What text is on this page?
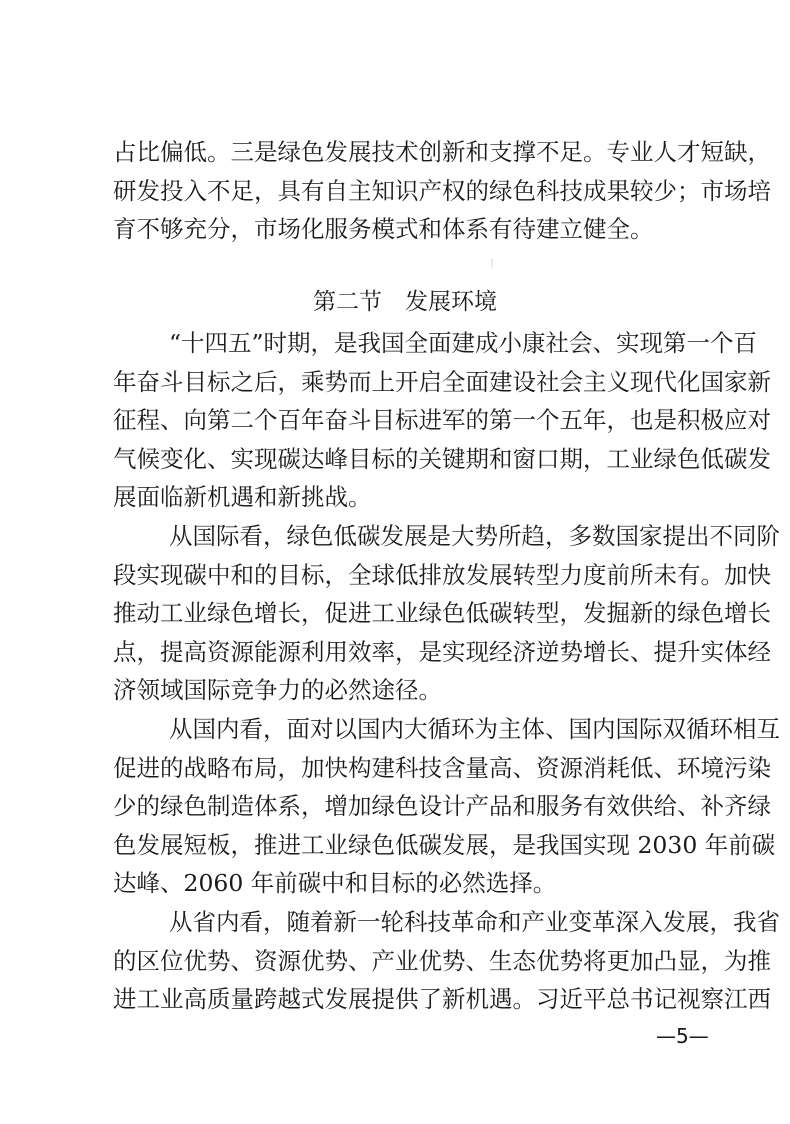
占比偏低。三是绿色发展技术创新和支撑不足。专业人才短缺，
研发投入不足，具有自主知识产权的绿色科技成果较少；市场培
育不够充分，市场化服务模式和体系有待建立健全。
第二节　发展环境
“十四五”时期，是我国全面建成小康社会、实现第一个百
年奋斗目标之后，乘势而上开启全面建设社会主义现代化国家新
征程、向第二个百年奋斗目标进军的第一个五年，也是积极应对
气候变化、实现碳达峰目标的关键期和窗口期，工业绿色低碳发
展面临新机遇和新挑战。
从国际看，绿色低碳发展是大势所趋，多数国家提出不同阶
段实现碳中和的目标，全球低排放发展转型力度前所未有。加快
推动工业绿色增长，促进工业绿色低碳转型，发掘新的绿色增长
点，提高资源能源利用效率，是实现经济逆势增长、提升实体经
济领域国际竞争力的必然途径。
从国内看，面对以国内大循环为主体、国内国际双循环相互
促进的战略布局，加快构建科技含量高、资源消耗低、环境污染
少的绿色制造体系，增加绿色设计产品和服务有效供给、补齐绿
色发展短板，推进工业绿色低碳发展，是我国实现 2030 年前碳
达峰、2060 年前碳中和目标的必然选择。
从省内看，随着新一轮科技革命和产业变革深入发展，我省
的区位优势、资源优势、产业优势、生态优势将更加凸显，为推
进工业高质量跨越式发展提供了新机遇。习近平总书记视察江西
—5—
